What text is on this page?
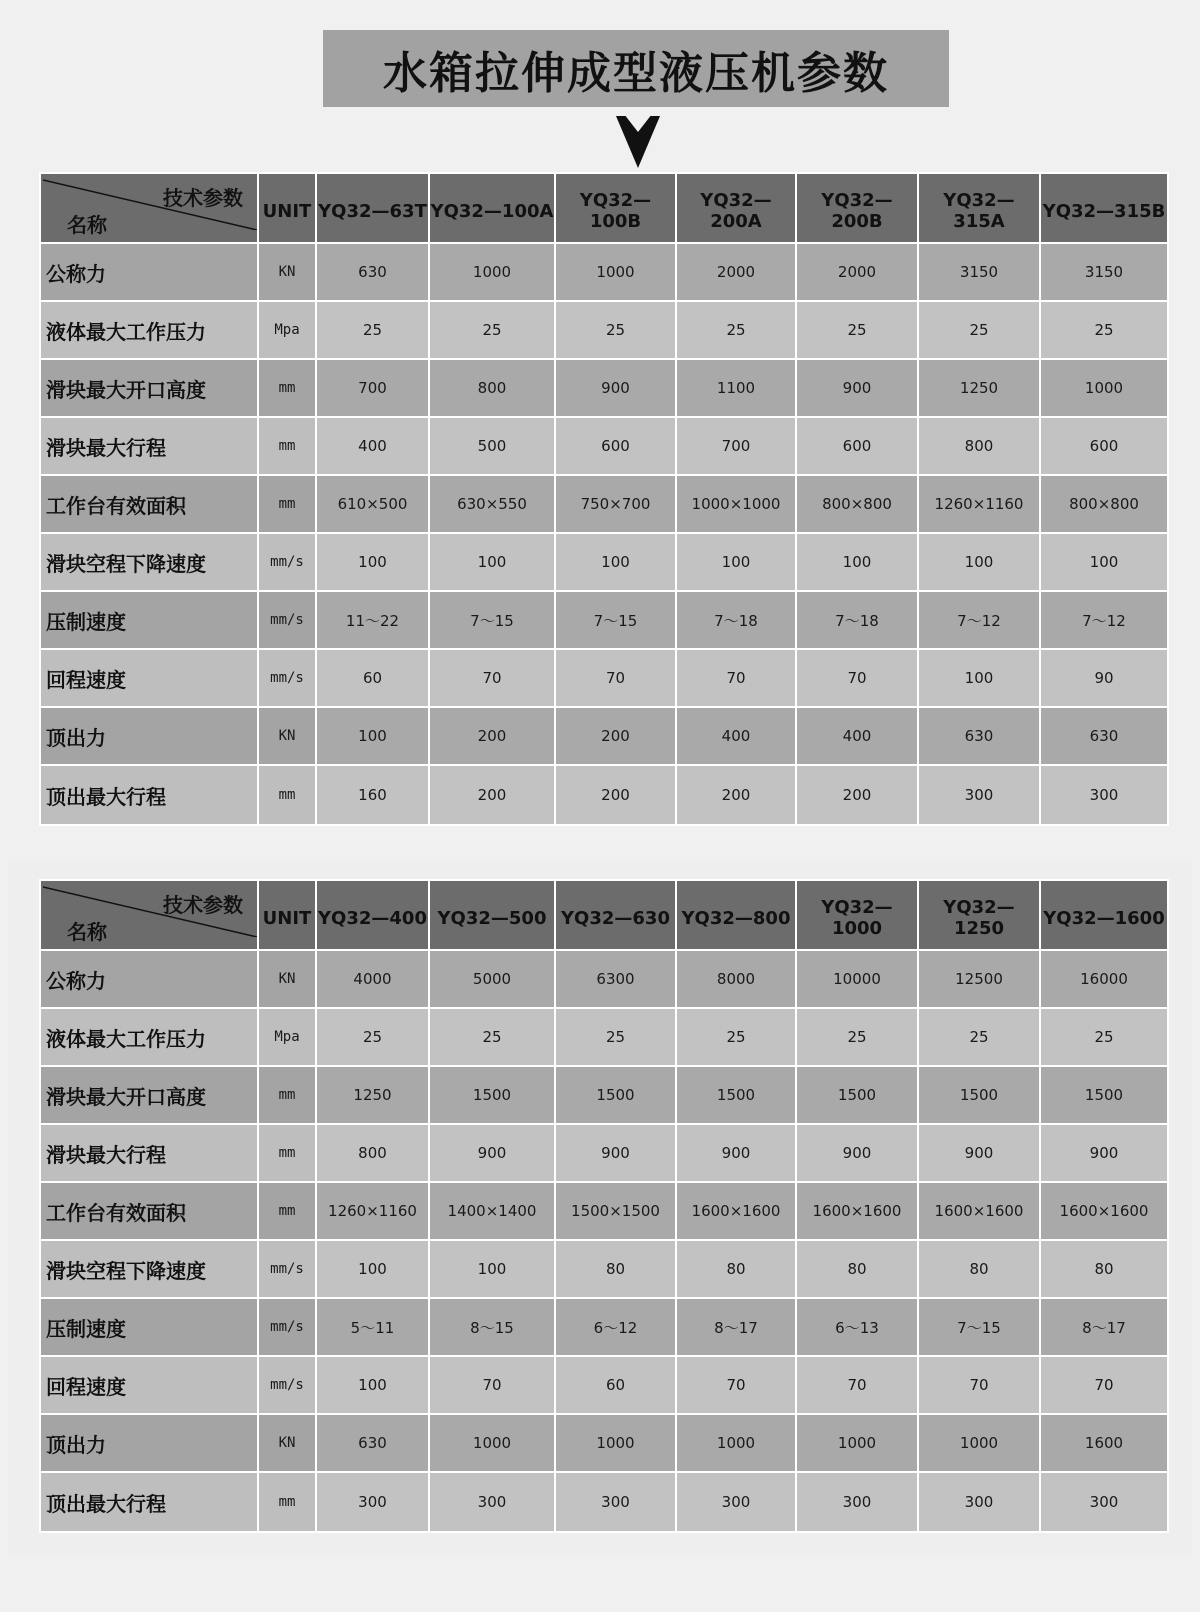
水箱拉伸成型液压机参数
技术参数
名称	UNIT	YQ32—63T	YQ32—100A	YQ32—100B	YQ32—200A	YQ32—200B	YQ32—315A	YQ32—315B
公称力	KN	630	1000	1000	2000	2000	3150	3150
液体最大工作压力	Mpa	25	25	25	25	25	25	25
滑块最大开口高度	mm	700	800	900	1100	900	1250	1000
滑块最大行程	mm	400	500	600	700	600	800	600
工作台有效面积	mm	610×500	630×550	750×700	1000×1000	800×800	1260×1160	800×800
滑块空程下降速度	mm/s	100	100	100	100	100	100	100
压制速度	mm/s	11～22	7～15	7～15	7～18	7～18	7～12	7～12
回程速度	mm/s	60	70	70	70	70	100	90
顶出力	KN	100	200	200	400	400	630	630
顶出最大行程	mm	160	200	200	200	200	300	300
技术参数
名称	UNIT	YQ32—400	YQ32—500	YQ32—630	YQ32—800	YQ32—1000	YQ32—1250	YQ32—1600
公称力	KN	4000	5000	6300	8000	10000	12500	16000
液体最大工作压力	Mpa	25	25	25	25	25	25	25
滑块最大开口高度	mm	1250	1500	1500	1500	1500	1500	1500
滑块最大行程	mm	800	900	900	900	900	900	900
工作台有效面积	mm	1260×1160	1400×1400	1500×1500	1600×1600	1600×1600	1600×1600	1600×1600
滑块空程下降速度	mm/s	100	100	80	80	80	80	80
压制速度	mm/s	5～11	8～15	6～12	8～17	6～13	7～15	8～17
回程速度	mm/s	100	70	60	70	70	70	70
顶出力	KN	630	1000	1000	1000	1000	1000	1600
顶出最大行程	mm	300	300	300	300	300	300	300
